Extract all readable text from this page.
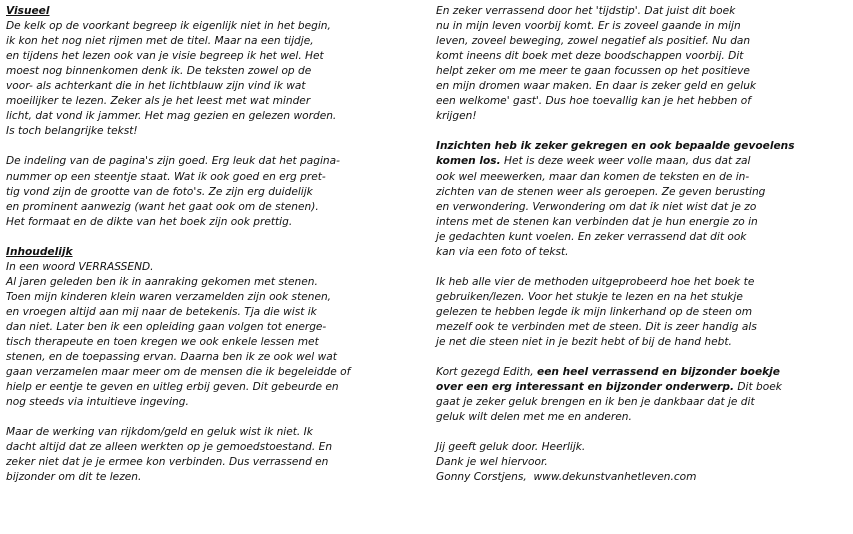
Visueel
De kelk op de voorkant begreep ik eigenlijk niet in het begin,
ik kon het nog niet rijmen met de titel. Maar na een tijdje,
en tijdens het lezen ook van je visie begreep ik het wel. Het
moest nog binnenkomen denk ik. De teksten zowel op de
voor- als achterkant die in het lichtblauw zijn vind ik wat
moeilijker te lezen. Zeker als je het leest met wat minder
licht, dat vond ik jammer. Het mag gezien en gelezen worden.
Is toch belangrijke tekst!
De indeling van de pagina's zijn goed. Erg leuk dat het pagina-
nummer op een steentje staat. Wat ik ook goed en erg pret-
tig vond zijn de grootte van de foto's. Ze zijn erg duidelijk
en prominent aanwezig (want het gaat ook om de stenen).
Het formaat en de dikte van het boek zijn ook prettig.
Inhoudelijk
In een woord VERRASSEND.
Al jaren geleden ben ik in aanraking gekomen met stenen.
Toen mijn kinderen klein waren verzamelden zijn ook stenen,
en vroegen altijd aan mij naar de betekenis. Tja die wist ik
dan niet. Later ben ik een opleiding gaan volgen tot energe-
tisch therapeute en toen kregen we ook enkele lessen met
stenen, en de toepassing ervan. Daarna ben ik ze ook wel wat
gaan verzamelen maar meer om de mensen die ik begeleidde of
hielp er eentje te geven en uitleg erbij geven. Dit gebeurde en
nog steeds via intuitieve ingeving.
Maar de werking van rijkdom/geld en geluk wist ik niet. Ik
dacht altijd dat ze alleen werkten op je gemoedstoestand. En
zeker niet dat je je ermee kon verbinden. Dus verrassend en
bijzonder om dit te lezen.
En zeker verrassend door het 'tijdstip'. Dat juist dit boek
nu in mijn leven voorbij komt. Er is zoveel gaande in mijn
leven, zoveel beweging, zowel negatief als positief. Nu dan
komt ineens dit boek met deze boodschappen voorbij. Dit
helpt zeker om me meer te gaan focussen op het positieve
en mijn dromen waar maken. En daar is zeker geld en geluk
een welkome' gast'. Dus hoe toevallig kan je het hebben of
krijgen!
Inzichten heb ik zeker gekregen en ook bepaalde gevoelens
komen los. Het is deze week weer volle maan, dus dat zal
ook wel meewerken, maar dan komen de teksten en de in-
zichten van de stenen weer als geroepen. Ze geven berusting
en verwondering. Verwondering om dat ik niet wist dat je zo
intens met de stenen kan verbinden dat je hun energie zo in
je gedachten kunt voelen. En zeker verrassend dat dit ook
kan via een foto of tekst.
Ik heb alle vier de methoden uitgeprobeerd hoe het boek te
gebruiken/lezen. Voor het stukje te lezen en na het stukje
gelezen te hebben legde ik mijn linkerhand op de steen om
mezelf ook te verbinden met de steen. Dit is zeer handig als
je net die steen niet in je bezit hebt of bij de hand hebt.
Kort gezegd Edith, een heel verrassend en bijzonder boekje
over een erg interessant en bijzonder onderwerp. Dit boek
gaat je zeker geluk brengen en ik ben je dankbaar dat je dit
geluk wilt delen met me en anderen.
Jij geeft geluk door. Heerlijk.
Dank je wel hiervoor.
Gonny Corstjens, www.dekunstvanhetleven.com
